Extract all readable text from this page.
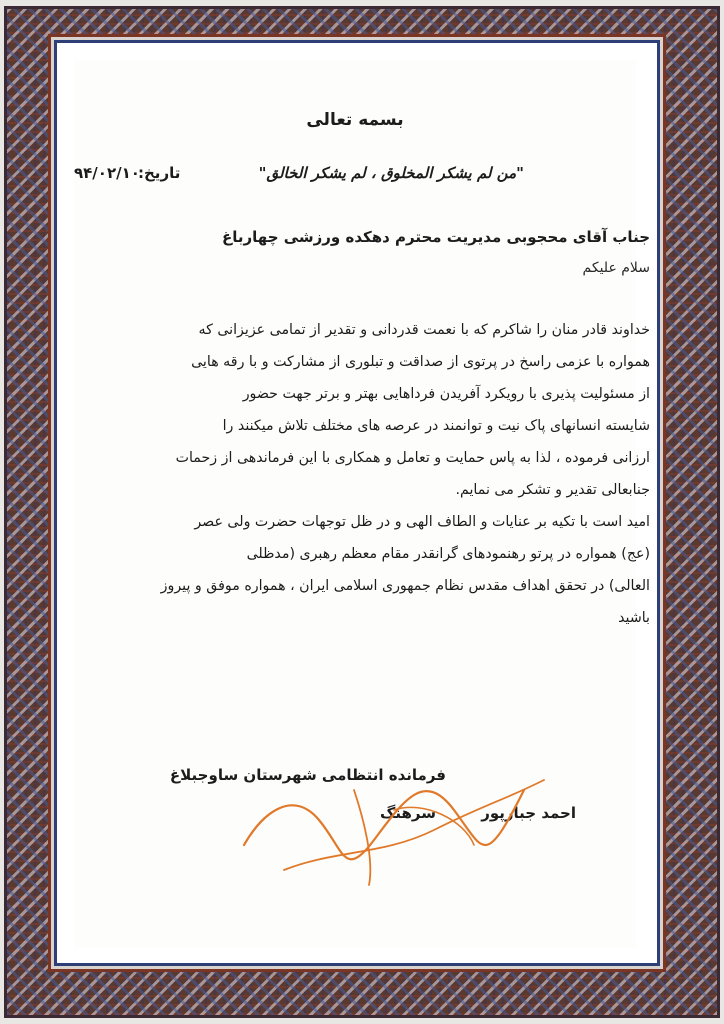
بسمه تعالی
"من لم یشکر المخلوق ، لم یشکر الخالق"
تاریخ:
۹۴/۰۲/۱۰
جناب آقای محجوبی مدیریت محترم دهکده ورزشی چهارباغ
سلام علیکم
خداوند قادر منان را شاکرم که با نعمت قدردانی و تقدیر از تمامی عزیزانی که
همواره با عزمی راسخ در پرتوی از صداقت و تبلوری از مشارکت و با رقه هایی
از مسئولیت پذیری با رویکرد آفریدن فرداهایی بهتر و برتر جهت حضور
شایسته انسانهای پاک نیت و توانمند در عرصه های مختلف تلاش میکنند را
ارزانی فرموده ، لذا به پاس حمایت و تعامل و همکاری با این فرماندهی از زحمات
جنابعالی تقدیر و تشکر می نمایم.
امید است با تکیه بر عنایات و الطاف الهی و در ظل توجهات حضرت ولی عصر
(عج) همواره در پرتو رهنمودهای گرانقدر مقام معظم رهبری (مدظلی
العالی) در تحقق اهداف مقدس نظام جمهوری اسلامی ایران ، همواره موفق و پیروز
باشید
فرمانده انتظامی شهرستان ساوجبلاغ
سرهنگ	احمد جبارپور
